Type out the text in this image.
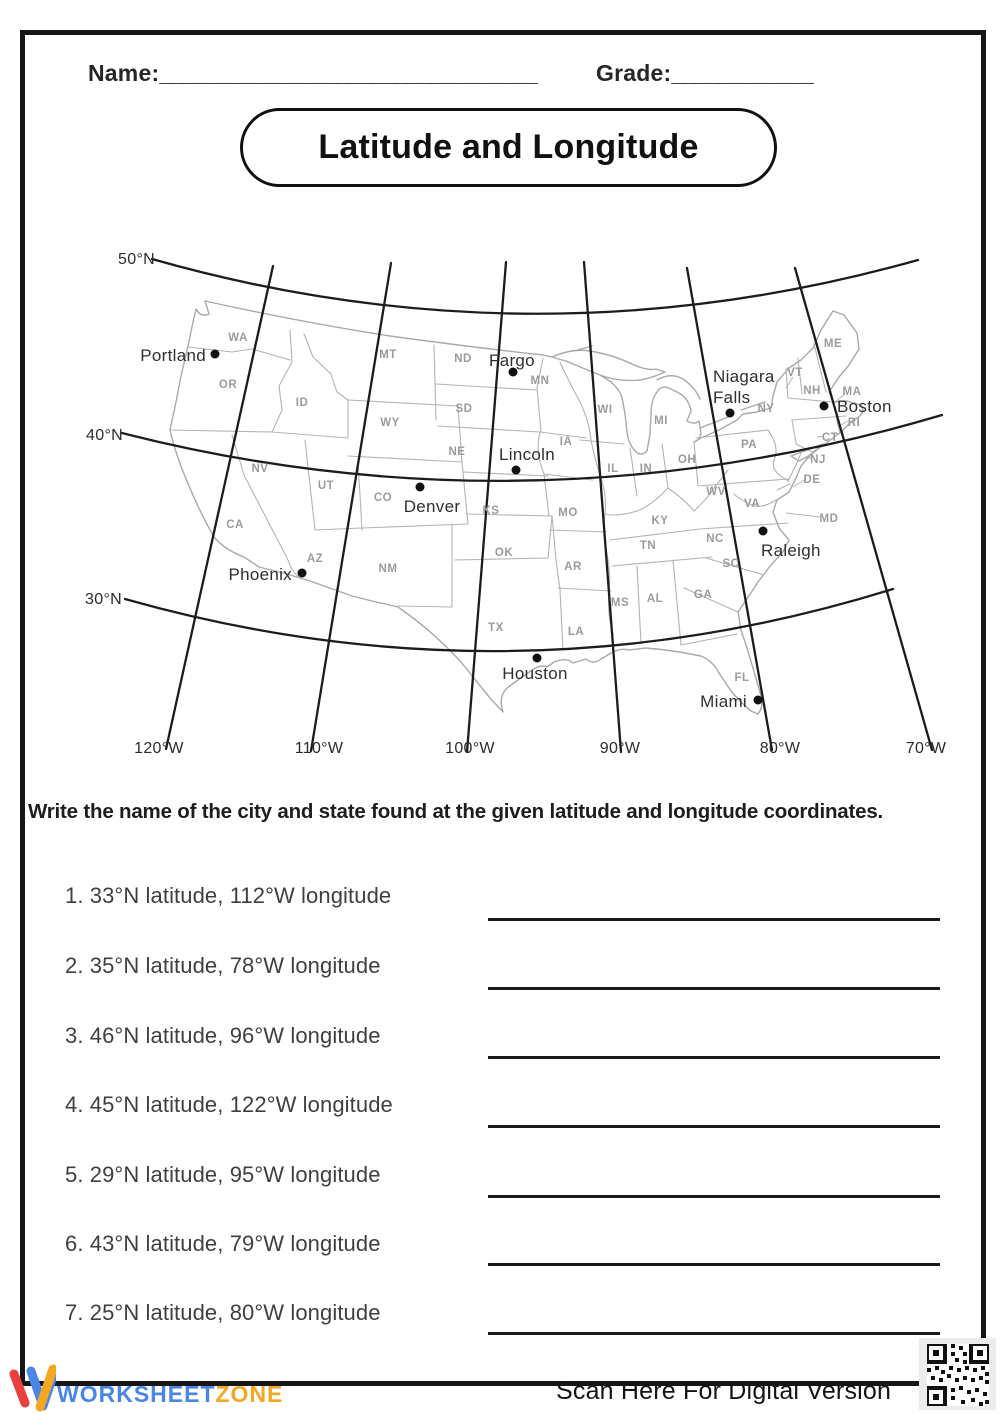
Name:________________________________	Grade:____________
Latitude and Longitude
50°N
40°N
30°N
120°W	110°W	100°W	90°W	80°W	70°W
WA
OR
ID
MT	ND
MN
WY
SD
NE
IA
WI
MI
NV
UT
CO
KS	MO
IL IN
OH
CA
AZ
NM
OK
AR
KY
TN
WV
VA
NC
SC
MS AL	GA
TX	LA
FL
ME
VT
NH MA
NY
RI
CT
PA
NJ
DE
MD
Portland	Fargo
Lincoln
Denver
Phoenix
Niagara
Falls	Boston
Raleigh
Houston
Miami
Write the name of the city and state found at the given latitude and longitude coordinates.
1. 33°N latitude, 112°W longitude
2. 35°N latitude, 78°W longitude
3. 46°N latitude, 96°W longitude
4. 45°N latitude, 122°W longitude
5. 29°N latitude, 95°W longitude
6. 43°N latitude, 79°W longitude
7. 25°N latitude, 80°W longitude
WORKSHEETZONE	Scan Here For Digital Version
